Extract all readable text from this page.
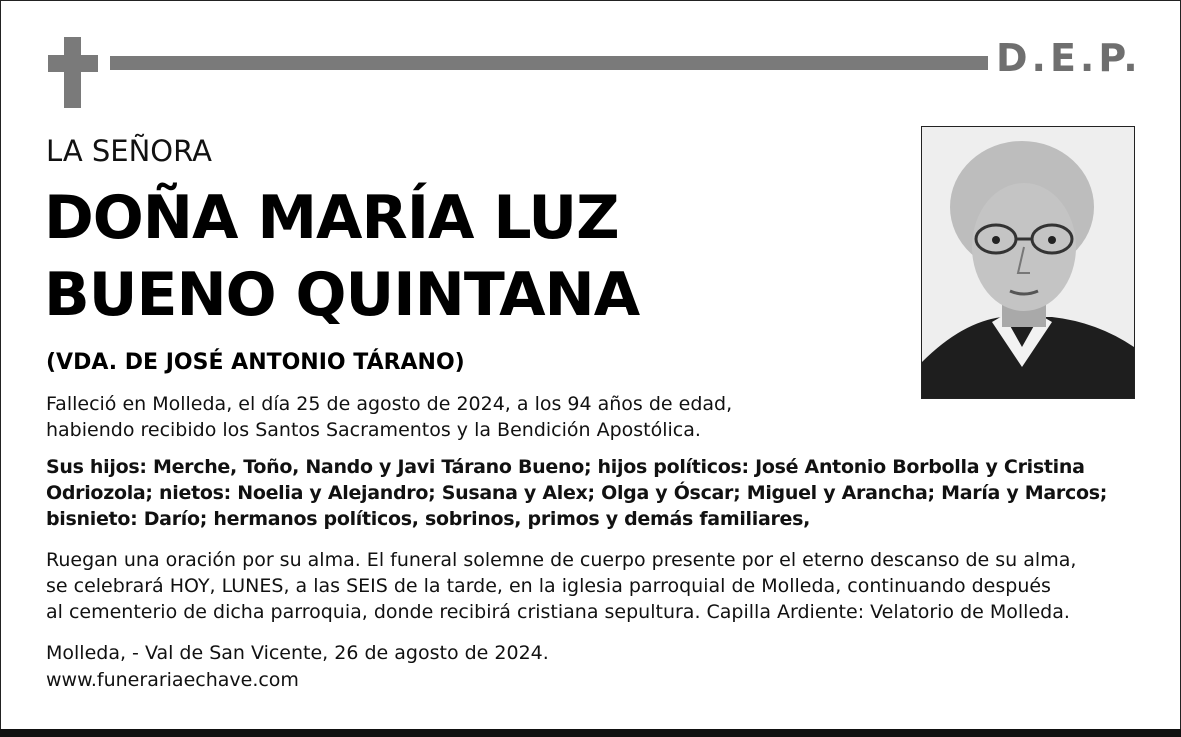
D.E.P.
LA SEÑORA
DOÑA MARÍA LUZ
BUENO QUINTANA
(VDA. DE JOSÉ ANTONIO TÁRANO)
Falleció en Molleda, el día 25 de agosto de 2024, a los 94 años de edad,
habiendo recibido los Santos Sacramentos y la Bendición Apostólica.
Sus hijos: Merche, Toño, Nando y Javi Tárano Bueno; hijos políticos: José Antonio Borbolla y Cristina
Odriozola; nietos: Noelia y Alejandro; Susana y Alex; Olga y Óscar; Miguel y Arancha; María y Marcos;
bisnieto: Darío; hermanos políticos, sobrinos, primos y demás familiares,
Ruegan una oración por su alma. El funeral solemne de cuerpo presente por el eterno descanso de su alma,
se celebrará HOY, LUNES, a las SEIS de la tarde, en la iglesia parroquial de Molleda, continuando después
al cementerio de dicha parroquia, donde recibirá cristiana sepultura. Capilla Ardiente: Velatorio de Molleda.
Molleda, - Val de San Vicente, 26 de agosto de 2024.
www.funerariaechave.com
